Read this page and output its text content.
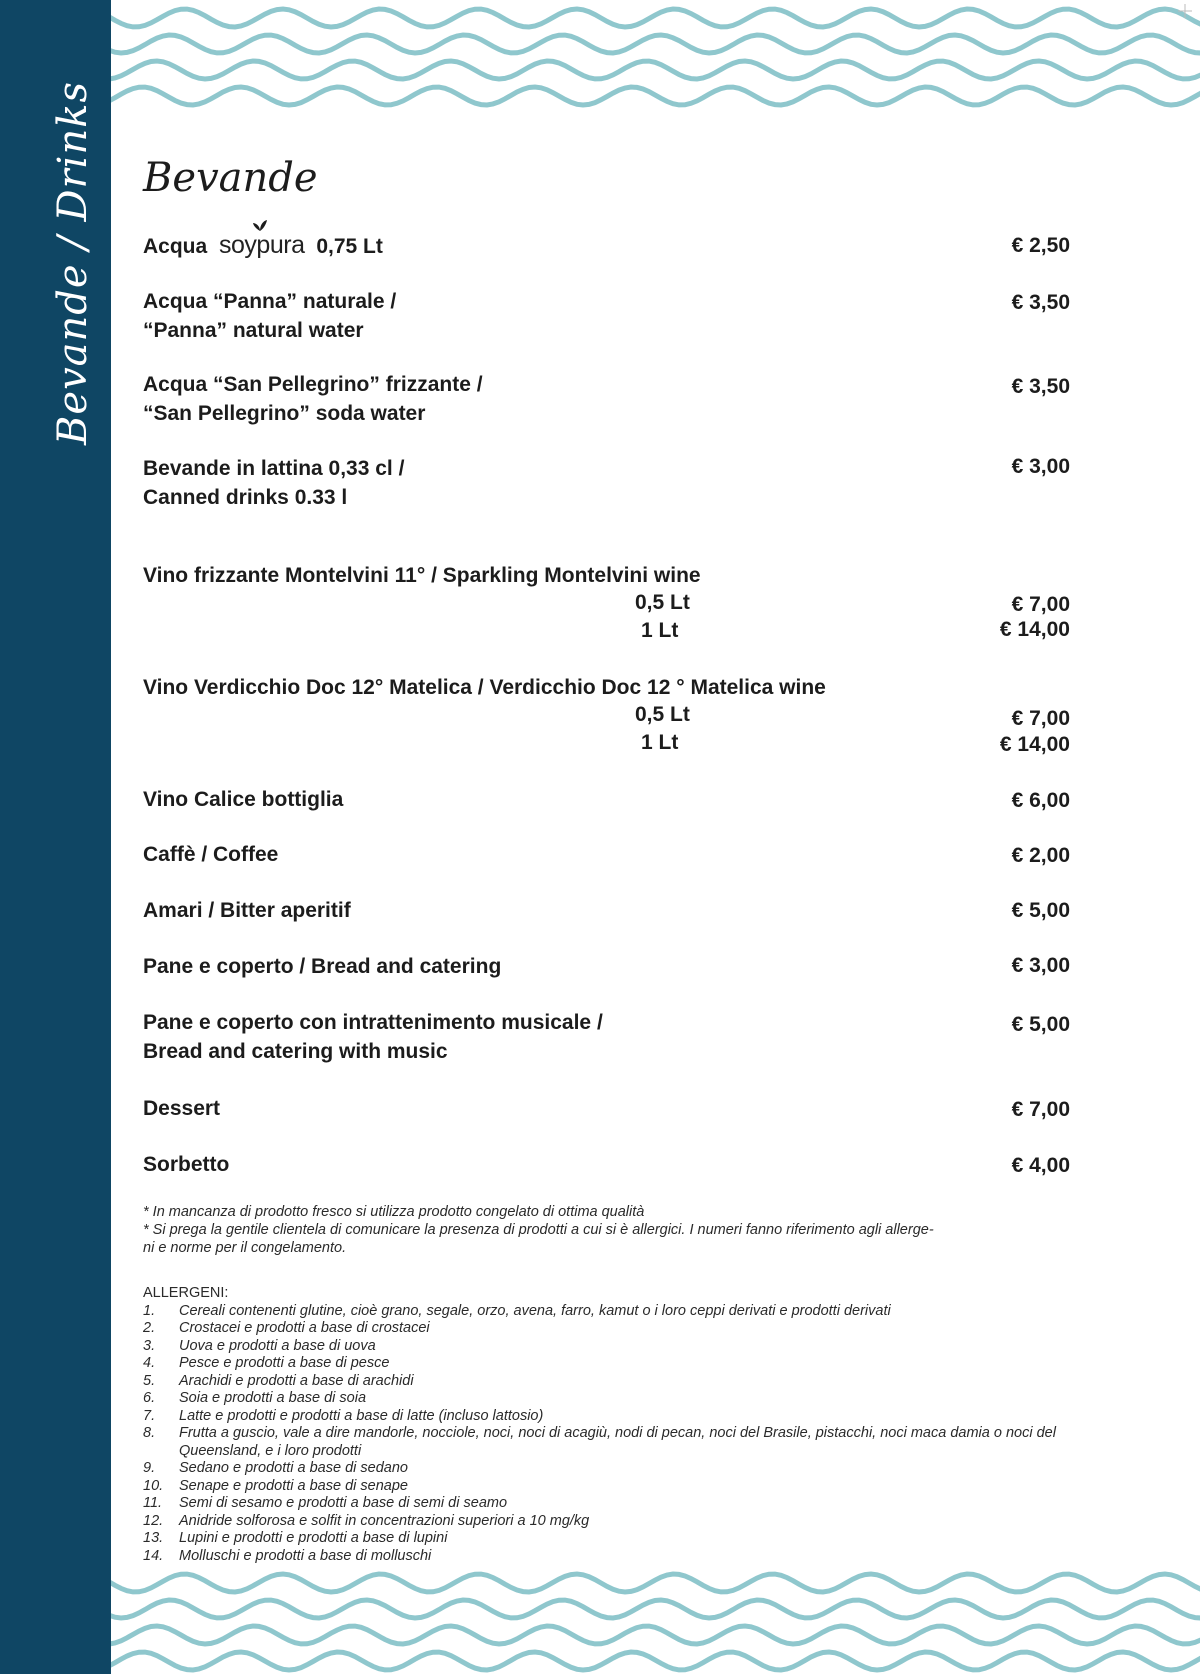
Bevande / Drinks Bevande
Acqua soypura 0,75 Lt	€ 2,50
Acqua “Panna” naturale /
“Panna” natural water
€ 3,50
Acqua “San Pellegrino” frizzante /
“San Pellegrino” soda water
€ 3,50
Bevande in lattina 0,33 cl /
Canned drinks 0.33 l
€ 3,00
Vino frizzante Montelvini 11° / Sparkling Montelvini wine
0,5 Lt	€ 7,00
1 Lt	€ 14,00
Vino Verdicchio Doc 12° Matelica / Verdicchio Doc 12 ° Matelica wine
0,5 Lt	€ 7,00
1 Lt	€ 14,00
Vino Calice bottiglia	€ 6,00
Caffè / Coffee	€ 2,00
Amari / Bitter aperitif	€ 5,00
Pane e coperto / Bread and catering	€ 3,00
Pane e coperto con intrattenimento musicale /
Bread and catering with music
€ 5,00
Dessert	€ 7,00
Sorbetto	€ 4,00
* In mancanza di prodotto fresco si utilizza prodotto congelato di ottima qualità
* Si prega la gentile clientela di comunicare la presenza di prodotti a cui si è allergici. I numeri fanno riferimento agli allerge-
ni e norme per il congelamento.
ALLERGENI:
1.	Cereali contenenti glutine, cioè grano, segale, orzo, avena, farro, kamut o i loro ceppi derivati e prodotti derivati
2.	Crostacei e prodotti a base di crostacei
3.	Uova e prodotti a base di uova
4.	Pesce e prodotti a base di pesce
5.	Arachidi e prodotti a base di arachidi
6.	Soia e prodotti a base di soia
7.	Latte e prodotti e prodotti a base di latte (incluso lattosio)
8.	Frutta a guscio, vale a dire mandorle, nocciole, noci, noci di acagiù, nodi di pecan, noci del Brasile, pistacchi, noci maca damia o noci del Queensland, e i loro prodotti
9.	Sedano e prodotti a base di sedano
10.	Senape e prodotti a base di senape
11.	Semi di sesamo e prodotti a base di semi di seamo
12.	Anidride solforosa e solfit in concentrazioni superiori a 10 mg/kg
13.	Lupini e prodotti e prodotti a base di lupini
14.	Molluschi e prodotti a base di molluschi
